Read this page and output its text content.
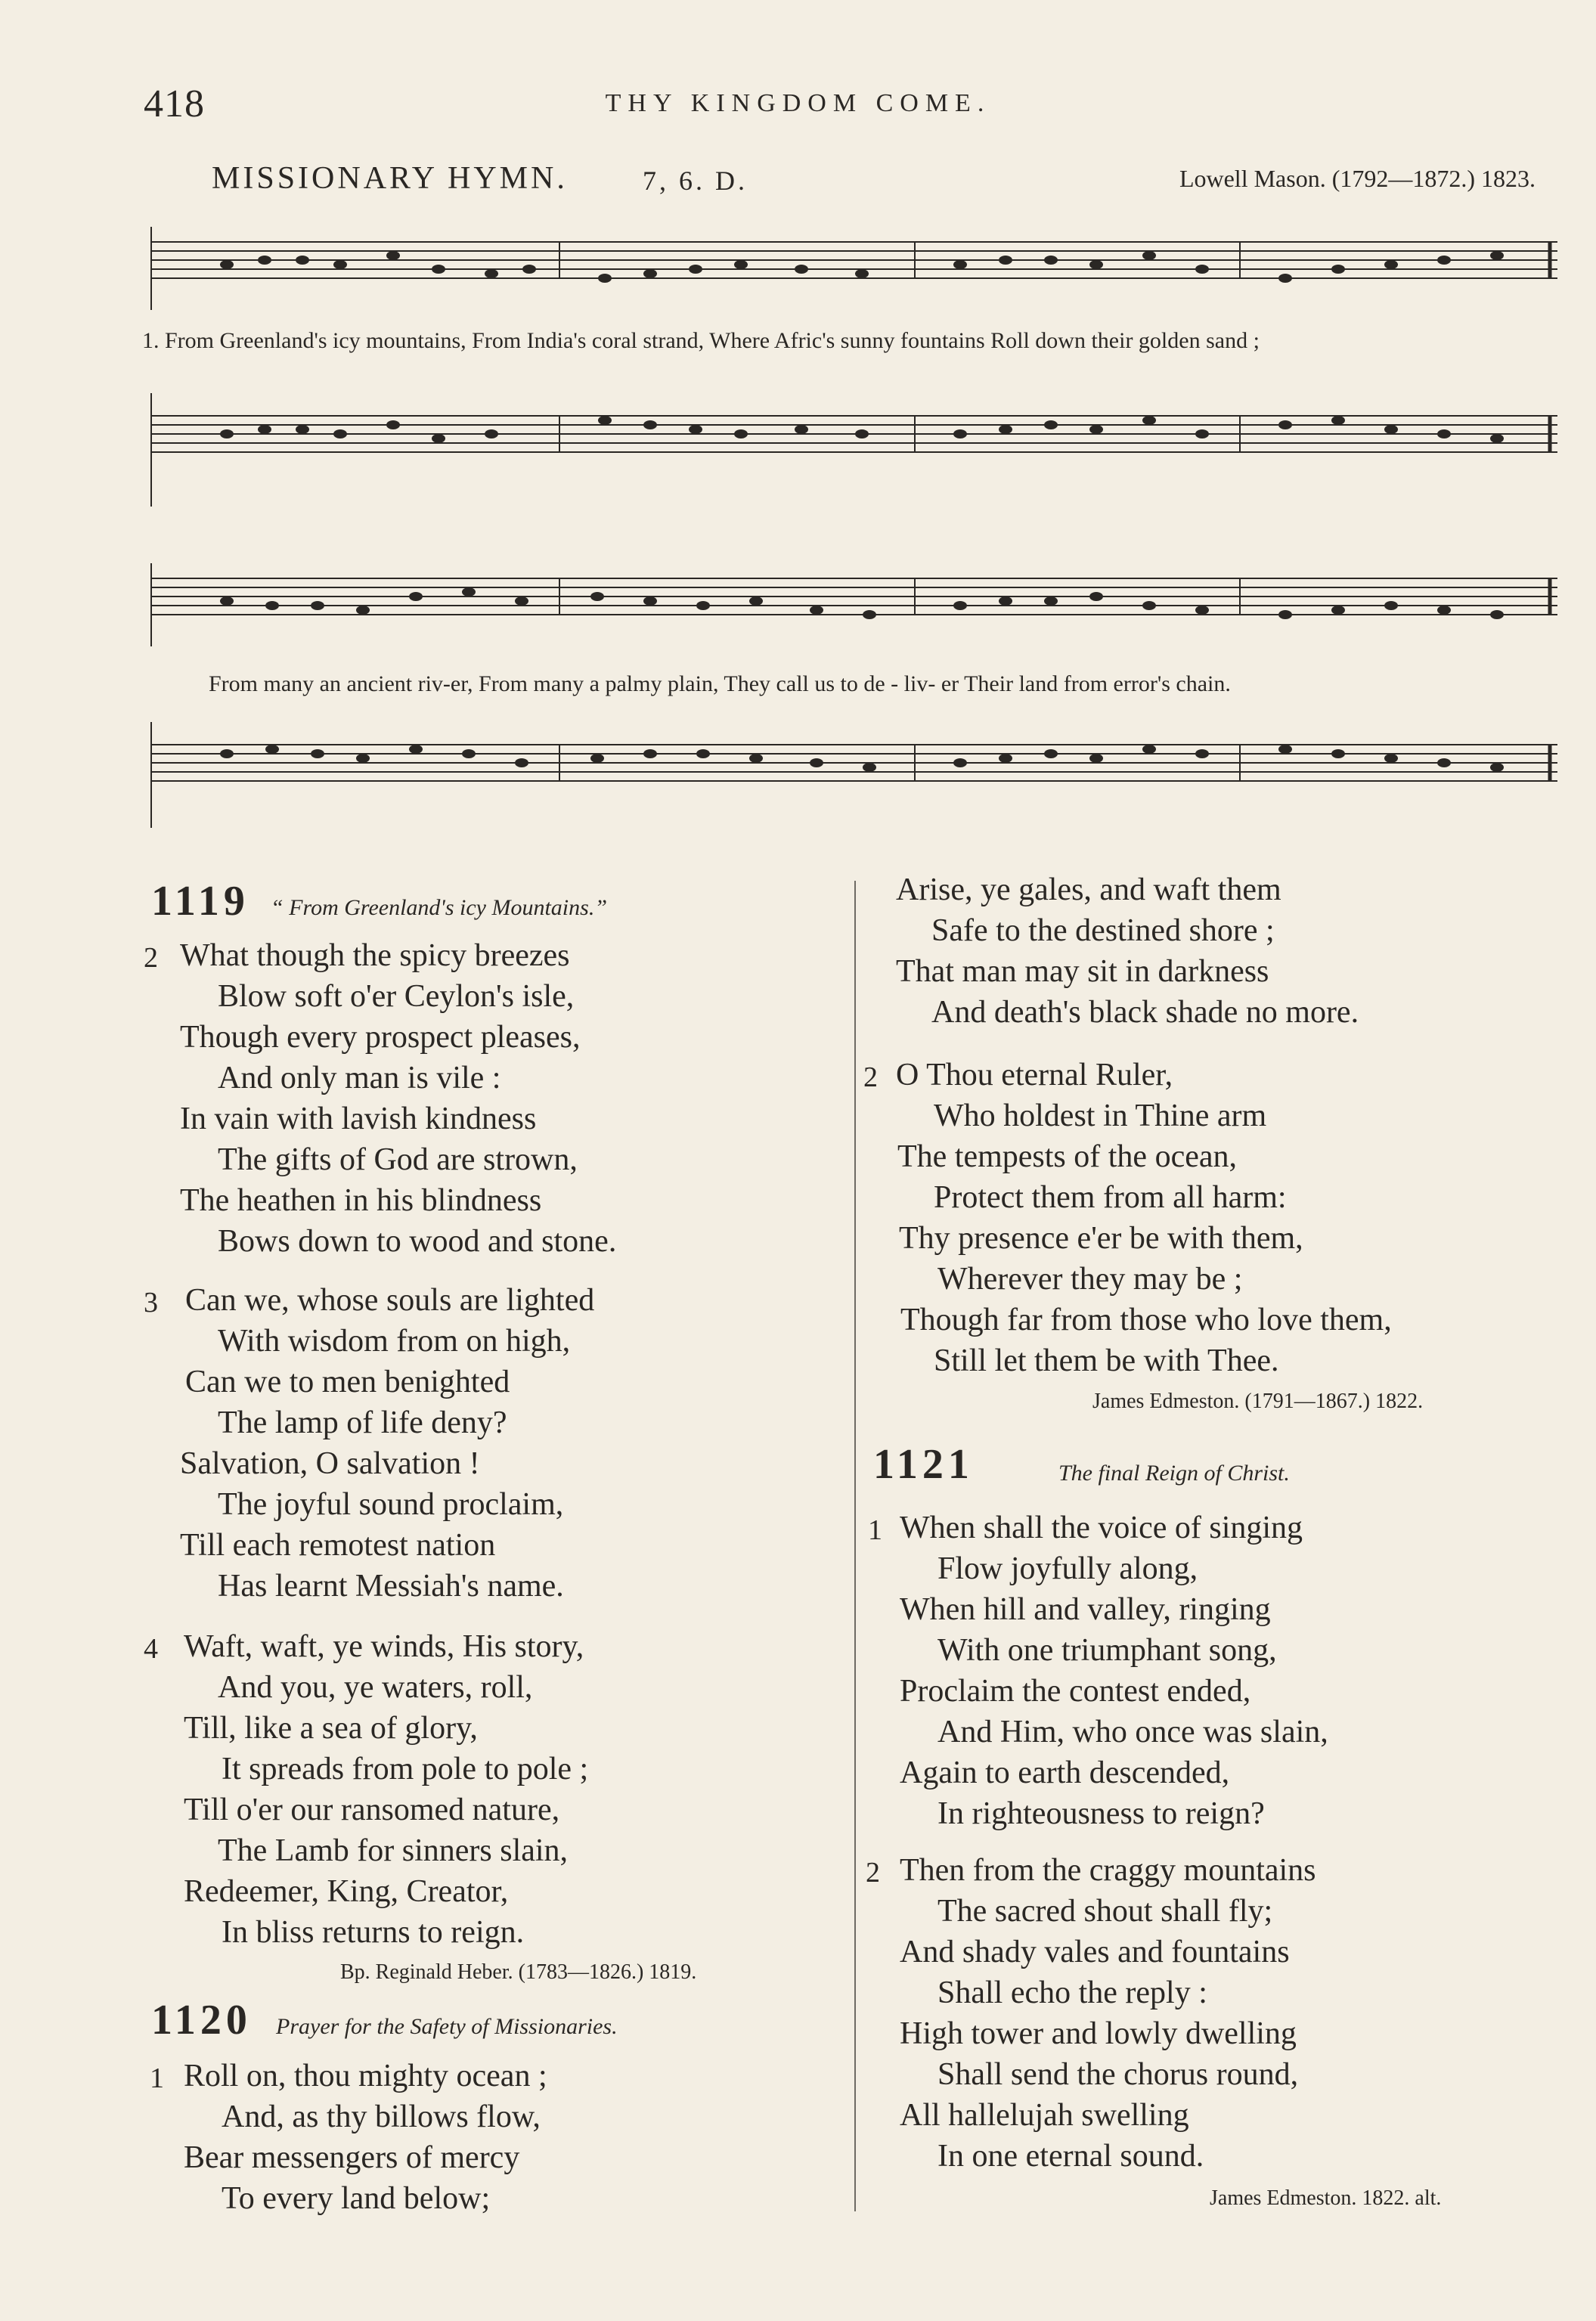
418	THY KINGDOM COME.
MISSIONARY HYMN.	7, 6. D.	Lowell Mason. (1792—1872.) 1823.
1. From Greenland's icy mountains, From India's coral strand, Where Afric's sunny fountains Roll down their golden sand ;
From many an ancient riv-er, From many a palmy plain, They call us to de - liv- er Their land from error's chain.
1119 “ From Greenland's icy Mountains.”
2 What though the spicy breezes
Blow soft o'er Ceylon's isle,
Though every prospect pleases,
And only man is vile :
In vain with lavish kindness
The gifts of God are strown,
The heathen in his blindness
Bows down to wood and stone.
3 Can we, whose souls are lighted
With wisdom from on high,
Can we to men benighted
The lamp of life deny?
Salvation, O salvation !
The joyful sound proclaim,
Till each remotest nation
Has learnt Messiah's name.
4 Waft, waft, ye winds, His story,
And you, ye waters, roll,
Till, like a sea of glory,
It spreads from pole to pole ;
Till o'er our ransomed nature,
The Lamb for sinners slain,
Redeemer, King, Creator,
In bliss returns to reign.
Bp. Reginald Heber. (1783—1826.) 1819.
1120 Prayer for the Safety of Missionaries.
1 Roll on, thou mighty ocean ;
And, as thy billows flow,
Bear messengers of mercy
To every land below;
Arise, ye gales, and waft them
Safe to the destined shore ;
That man may sit in darkness
And death's black shade no more.
2 O Thou eternal Ruler,
Who holdest in Thine arm
The tempests of the ocean,
Protect them from all harm:
Thy presence e'er be with them,
Wherever they may be ;
Though far from those who love them,
Still let them be with Thee.
James Edmeston. (1791—1867.) 1822.
1121	The final Reign of Christ.
1 When shall the voice of singing
Flow joyfully along,
When hill and valley, ringing
With one triumphant song,
Proclaim the contest ended,
And Him, who once was slain,
Again to earth descended,
In righteousness to reign?
2 Then from the craggy mountains
The sacred shout shall fly;
And shady vales and fountains
Shall echo the reply :
High tower and lowly dwelling
Shall send the chorus round,
All hallelujah swelling
In one eternal sound.
James Edmeston. 1822. alt.
